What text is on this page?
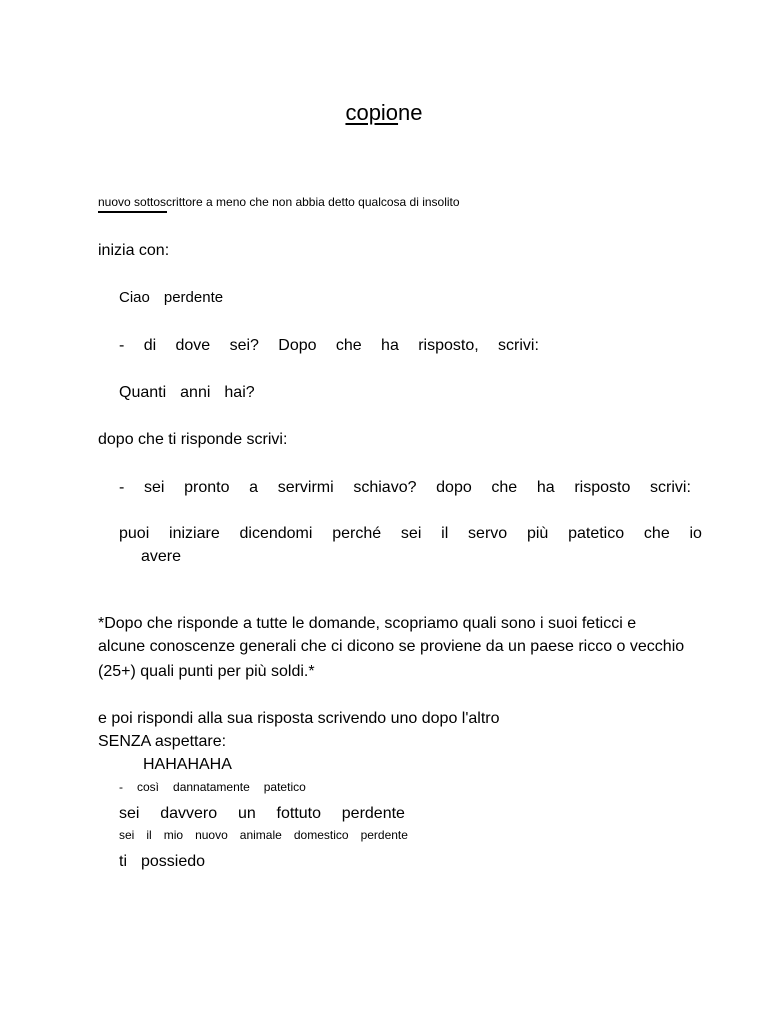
copione
nuovo sottoscrittore a meno che non abbia detto qualcosa di insolito
inizia con:
Ciao perdente
- di dove sei? Dopo che ha risposto, scrivi:
Quanti anni hai?
dopo che ti risponde scrivi:
- sei pronto a servirmi schiavo? dopo che ha risposto scrivi:
puoi iniziare dicendomi perché sei il servo più patetico che io
avere
*Dopo che risponde a tutte le domande, scopriamo quali sono i suoi feticci e
alcune conoscenze generali che ci dicono se proviene da un paese ricco o vecchio
(25+) quali punti per più soldi.*
e poi rispondi alla sua risposta scrivendo uno dopo l'altro
SENZA aspettare:
HAHAHAHA
- così dannatamente patetico
sei davvero un fottuto perdente
sei il mio nuovo animale domestico perdente
ti possiedo
